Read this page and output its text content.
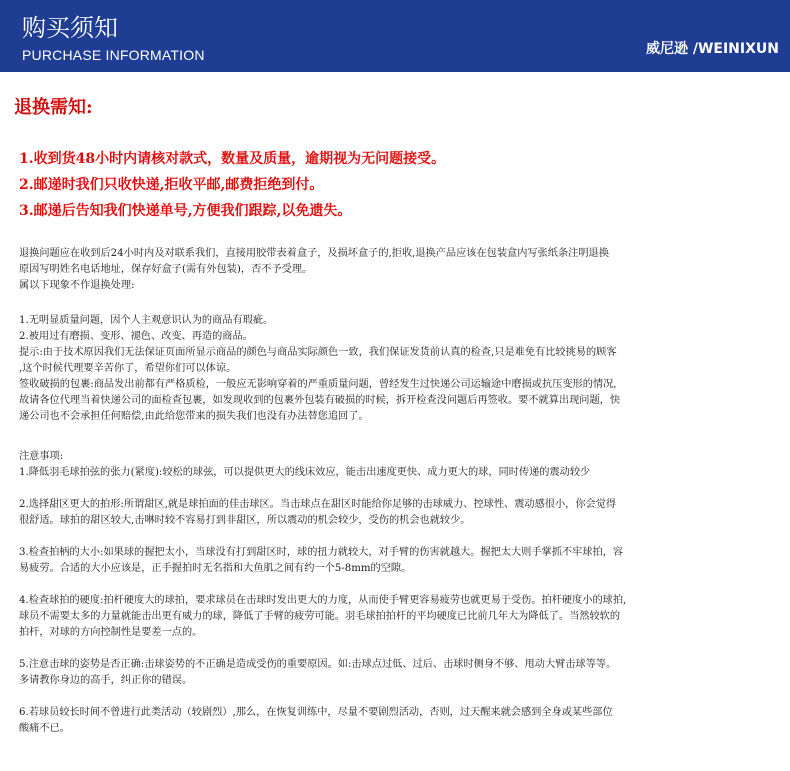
购买须知
PURCHASE INFORMATION	威尼逊 /WEINIXUN
退换需知:
1.收到货48小时内请核对款式，数量及质量，逾期视为无问题接受。
2.邮递时我们只收快递,拒收平邮,邮费拒绝到付。
3.邮递后告知我们快递单号,方便我们跟踪,以免遗失。

退换问题应在收到后24小时内及对联系我们，直接用胶带表着盒子，及损坏盒子的,拒收,退换产品应该在包装盒内写张纸条注明退换

原因写明姓名电话地址，保存好盒子(需有外包装)，否不予受理。

属以下现象不作退换处理:

1.无明显质量问题，因个人主观意识认为的商品有瑕疵。

2.被用过有磨损、变形、褪色、改变、再造的商品。

提示:由于技术原因我们无法保证页面所显示商品的颜色与商品实际颜色一致，我们保证发货前认真的检查,只是难免有比较挑易的顾客

,这个时候代理要辛苦你了，希望你们可以体谅。

签收破损的包裹:商品发出前都有严格质检，一般应无影响穿着的严重质量问题，曾经发生过快递公司运输途中磨损或抗压变形的情况,

故请各位代理当着快递公司的面检查包裹，如发现收到的包裹外包装有破损的时候，拆开检查没问题后再签收。要不就算出现问题，快

递公司也不会承担任何赔偿,由此给您带来的损失我们也没有办法替您追回了。

注意事项:

1.降低羽毛球拍弦的张力(紧度):较松的球弦，可以提供更大的线床效应，能击出速度更快、成力更大的球，同时传递的震动较少

2.选择甜区更大的拍形:所谓甜区,就是球拍面的佳击球区。当击球点在甜区时能给你足够的击球威力、控球性、震动感很小，你会觉得

很舒适。球拍的甜区较大,击啉时较不容易打到非甜区，所以震动的机会较少，受伤的机会也就较少。

3.检查拍柄的大小:如果球的握把太小，当球没有打到甜区时，球的扭力就较大，对手臂的伤害就越大。握把太大则手掌抓不牢球拍，容

易疲劳。合适的大小应该是，正手握拍时无名指和大鱼肌之间有约一个5-8mm的空隙。

4.检查球拍的硬度:拍杆硬度大的球拍，要求球员在击球时发出更大的力度，从而使手臂更容易疲劳也就更易于受伤。拍杆硬度小的球拍,

球员不需要太多的力量就能击出更有威力的球，降低了手臂的疲劳可能。羽毛球拍拍杆的平均硬度已比前几年大为降低了。当然较软的

拍杆，对球的方向控制性是要差一点的。

5.注意击球的姿势是否正确:击球姿势的不正确是造成受伤的重要原因。如:击球点过低、过后、击球时侧身不够、甩动大臂击球等等。

多请教你身边的高手，纠正你的错误。

6.若球员较长时间不曾进行此类活动（较剧烈）,那么，在恢复训练中，尽量不要剧烈活动，否则，过天醒来就会感到全身或某些部位

酸痛不已。
